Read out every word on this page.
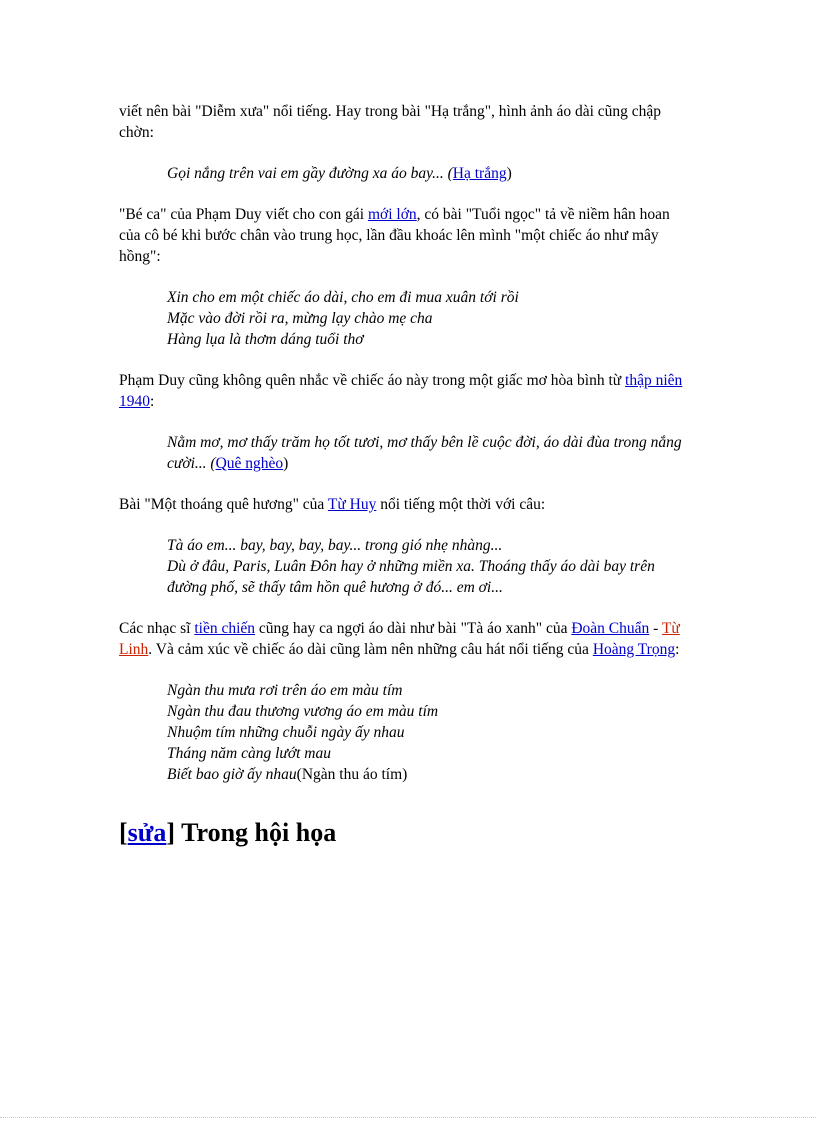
viết nên bài "Diễm xưa" nổi tiếng. Hay trong bài "Hạ trắng", hình ảnh áo dài cũng chập chờn:

Gọi nắng trên vai em gầy đường xa áo bay... (Hạ trắng)

"Bé ca" của Phạm Duy viết cho con gái mới lớn, có bài "Tuổi ngọc" tả về niềm hân hoan của cô bé khi bước chân vào trung học, lần đầu khoác lên mình "một chiếc áo như mây hồng":

Xin cho em một chiếc áo dài, cho em đi mua xuân tới rồi
Mặc vào đời rồi ra, mừng lạy chào mẹ cha
Hàng lụa là thơm dáng tuổi thơ

Phạm Duy cũng không quên nhắc về chiếc áo này trong một giấc mơ hòa bình từ thập niên 1940:

Nằm mơ, mơ thấy trăm họ tốt tươi, mơ thấy bên lề cuộc đời, áo dài đùa trong nắng cười... (Quê nghèo)

Bài "Một thoáng quê hương" của Từ Huy nổi tiếng một thời với câu:

Tà áo em... bay, bay, bay, bay... trong gió nhẹ nhàng...
Dù ở đâu, Paris, Luân Đôn hay ở những miền xa. Thoáng thấy áo dài bay trên đường phố, sẽ thấy tâm hồn quê hương ở đó... em ơi...

Các nhạc sĩ tiền chiến cũng hay ca ngợi áo dài như bài "Tà áo xanh" của Đoàn Chuẩn - Từ Linh. Và cảm xúc về chiếc áo dài cũng làm nên những câu hát nổi tiếng của Hoàng Trọng:

Ngàn thu mưa rơi trên áo em màu tím
Ngàn thu đau thương vương áo em màu tím
Nhuộm tím những chuỗi ngày ấy nhau
Tháng năm càng lướt mau
Biết bao giờ ấy nhau(Ngàn thu áo tím)
[sửa] Trong hội họa
